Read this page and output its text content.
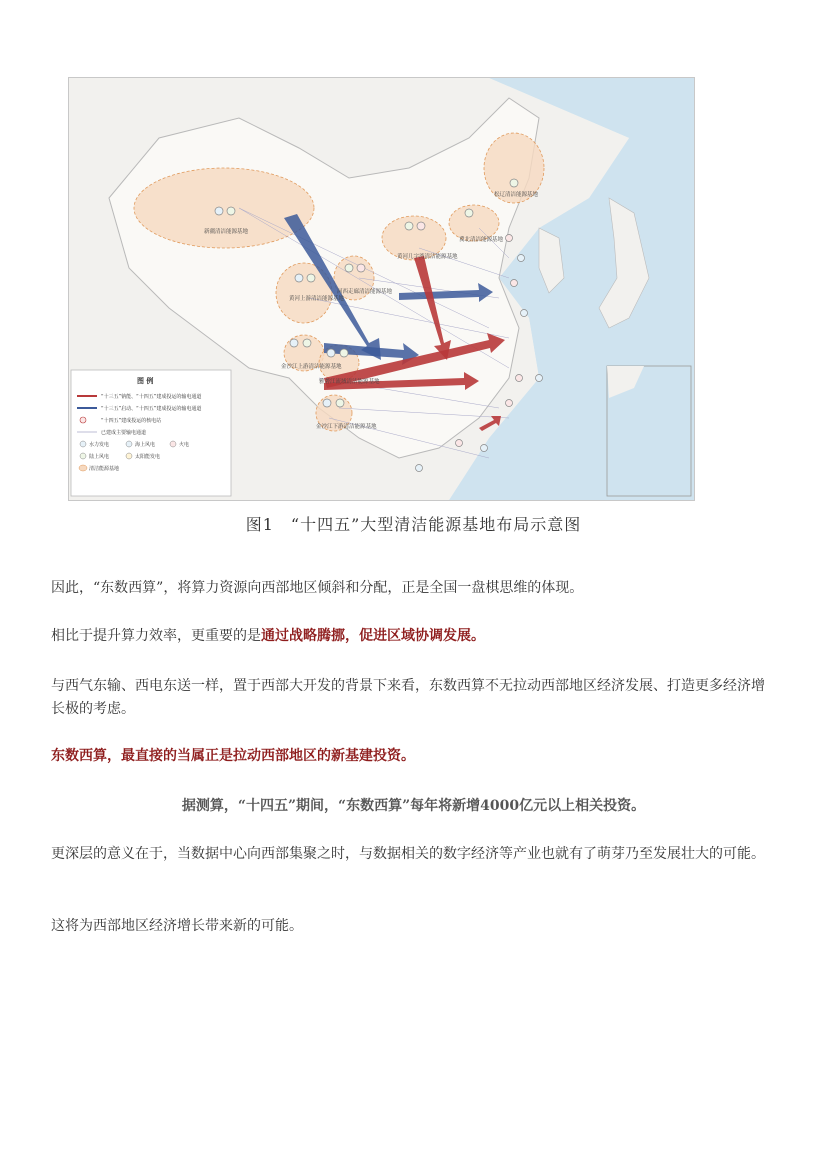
新疆清洁能源基地
黄河上游清洁能源基地
河西走廊清洁能源基地
黄河几字湾清洁能源基地
冀北清洁能源基地
松辽清洁能源基地
金沙江上游清洁能源基地
雅砻江流域清洁能源基地
金沙江下游清洁能源基地
图 例
“十三五”钠能、“十四五”建成投运的输电通道
“十三五”启动、“十四五”建成投运的输电通道
“十四五”建成投运的核电站
已建成主要输电通道
水力发电	海上风电	火电
陆上风电	太阳能发电
清洁能源基地
图1　“十四五”大型清洁能源基地布局示意图

因此，“东数西算”，将算力资源向西部地区倾斜和分配，正是全国一盘棋思维的体现。

相比于提升算力效率，更重要的是通过战略腾挪，促进区域协调发展。

与西气东输、西电东送一样，置于西部大开发的背景下来看，东数西算不无拉动西部地区经济发展、打造更多经济增长极的考虑。

东数西算，最直接的当属正是拉动西部地区的新基建投资。

据测算，“十四五”期间，“东数西算”每年将新增4000亿元以上相关投资。

更深层的意义在于，当数据中心向西部集聚之时，与数据相关的数字经济等产业也就有了萌芽乃至发展壮大的可能。

这将为西部地区经济增长带来新的可能。
